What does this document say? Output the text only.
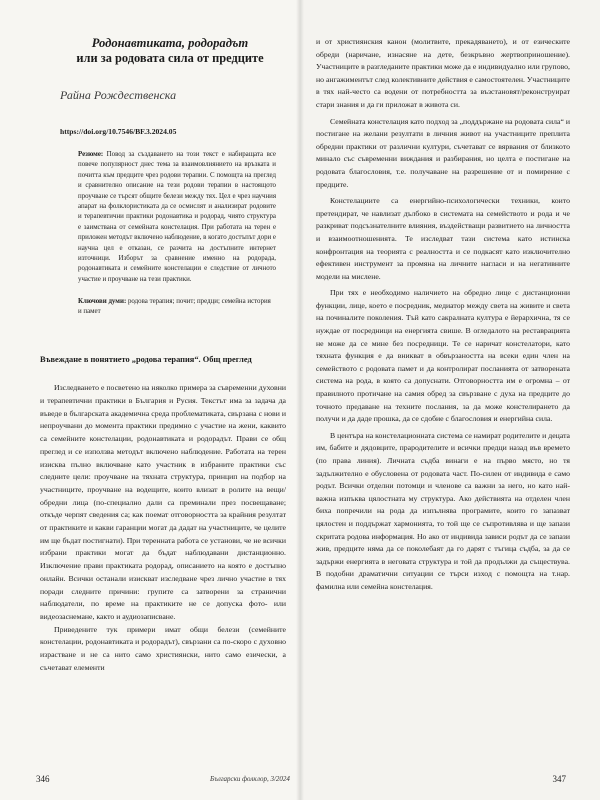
Родонавтиката, родорадът
или за родовата сила от предците
Райна Рождественска
https://doi.org/10.7546/BF.3.2024.05
Резюме: Повод за създаването на този текст е набиращата все повече популярност днес тема за взаимовлиянието на връзката и почитта към предците чрез родови терапии. С помощта на преглед и сравнително описание на тези родови терапии в настоящото проучване се търсят общите белези между тях. Цел е чрез научния апарат на фолклористиката да се осмислят и анализират родовите и терапевтични практики родонавтика и родорад, чиято структура е заимствана от семейната констелация. При работата на терен е приложен методът включено наблюдение, в когато достъпът дори е научна цел е отказан, се разчита на достъпните интернет източници. Изборът за сравнение именно на родорада, родонавтиката и семейните констелации е следствие от личното участие и проучване на тези практики.
Ключови думи: родова терапия; почит; предци; семейна история и памет
Въвеждане в понятието „родова терапия“. Общ преглед

Изследването е посветено на няколко примера за съвременни духовни и терапевтични практики в България и Русия. Текстът има за задача да въведе в българската академична среда проблематиката, свързана с нови и непроучвани до момента практики предимно с участие на жени, каквито са семейните констелации, родонавтиката и родорадът. Прави се общ преглед и се използва методът включено наблюдение. Работата на терен изисква пълно включване като участник в избраните практики със следните цели: проучване на тяхната структура, принцип на подбор на участниците, проучване на водещите, които влизат в ролите на вещи/обредни лица (по-специално дали са преминали през посвещаване; откъде черпят сведения са; как поемат отговорността за крайния резултат от практиките и какви гаранции могат да дадат на участниците, че целите им ще бъдат постигнати). При теренната работа се установи, че не всички избрани практики могат да бъдат наблюдавани дистанционно. Изключение прави практиката родорад, описанието на която е достъпно онлайн. Всички останали изискват изследване чрез лично участие в тях поради следните причини: групите са затворени за странични наблюдатели, по време на практиките не се допуска фото- или видеозаснемане, както и аудиозаписване.

Приведените тук примери имат общи белези (семейните констелации, родонавтиката и родорадът), свързани са по-скоро с духовно израстване и не са нито само християнски, нито само езически, а съчетават елементи

346	Български фолклор, 3/2024

и от християнския канон (молитвите, прекадяването), и от езическите обреди (наричане, изнасяне на дете, безкръвно жертвоприношение). Участниците в разгледаните практики може да е индивидуално или групово, но ангажиментът след колективните действия е самостоятелен. Участниците в тях най-често са водени от потребността за възстановят/реконструират стари знания и да ги приложат в живота си.

Семейната констелация като подход за „поддържане на родовата сила“ и постигане на желани резултати в личния живот на участниците преплита обредни практики от различни култури, съчетават се вярвания от близкото минало със съвременни виждания и разбирания, но целта е постигане на родовата благословия, т.е. получаване на разрешение от и помирение с предците.

Констелациите са енергийно-психологически техники, които претендират, че навлизат дълбоко в системата на семейството и рода и че разкриват подсъзнателните влияния, въздействащи развитието на личността и взаимоотношенията. Те изследват тази система като истинска конфронтация на теорията с реалността и се подкасят като изключително ефективен инструмент за промяна на личните нагласи и на негативните модели на мислене.

При тях е необходимо наличието на обредно лице с дистанционни функции, лице, което е посредник, медиатор между света на живите и света на починалите поколения. Тъй като сакралната култура е йерархична, тя се нуждае от посредници на енергията свише. В огледалото на реставрацията не може да се мине без посредници. Те се наричат констелатори, като тяхната функция е да вникват в обвързаността на всеки един член на семейството с родовата памет и да контролират посланията от затворената система на рода, в която са допуснати. Отговорността им е огромна – от правилното протичане на самия обред за свързване с духа на предците до точното предаване на техните послания, за да може констелирането да получи и да даде прошка, да се сдобие с благословия и енергийна сила.

В центъра на констелационната система се намират родителите и децата им, бабите и дядовците, прародителите и всички предци назад във времето (по права линия). Личната съдба винаги е на първо място, но тя задължително е обусловена от родовата част. По-силен от индивида е само родът. Всички отделни потомци и членове са важни за него, но като най-важна изпъква цялостната му структура. Ако действията на отделен член биха попречили на рода да изпълнява програмите, които го запазват цялостен и поддържат хармонията, то той ще се съпротивлява и ще запази скритата родова информация. Но ако от индивида зависи родът да се запази жив, предците няма да се поколебаят да го дарят с тъгица съдба, за да се задържи енергията в неговата структура и той да продължи да съществува. В подобни драматични ситуации се търси изход с помощта на т.нар. фамилна или семейна констелация.

347
